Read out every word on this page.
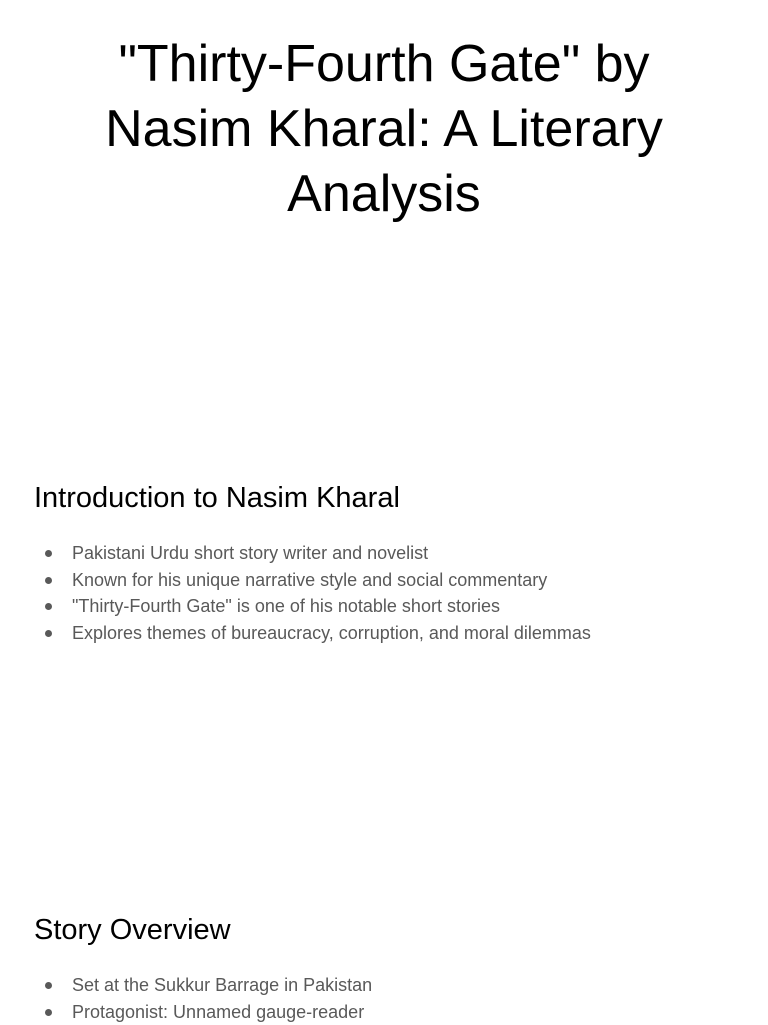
"Thirty-Fourth Gate" by Nasim Kharal: A Literary Analysis
Introduction to Nasim Kharal
Pakistani Urdu short story writer and novelist
Known for his unique narrative style and social commentary
"Thirty-Fourth Gate" is one of his notable short stories
Explores themes of bureaucracy, corruption, and moral dilemmas
Story Overview
Set at the Sukkur Barrage in Pakistan
Protagonist: Unnamed gauge-reader
